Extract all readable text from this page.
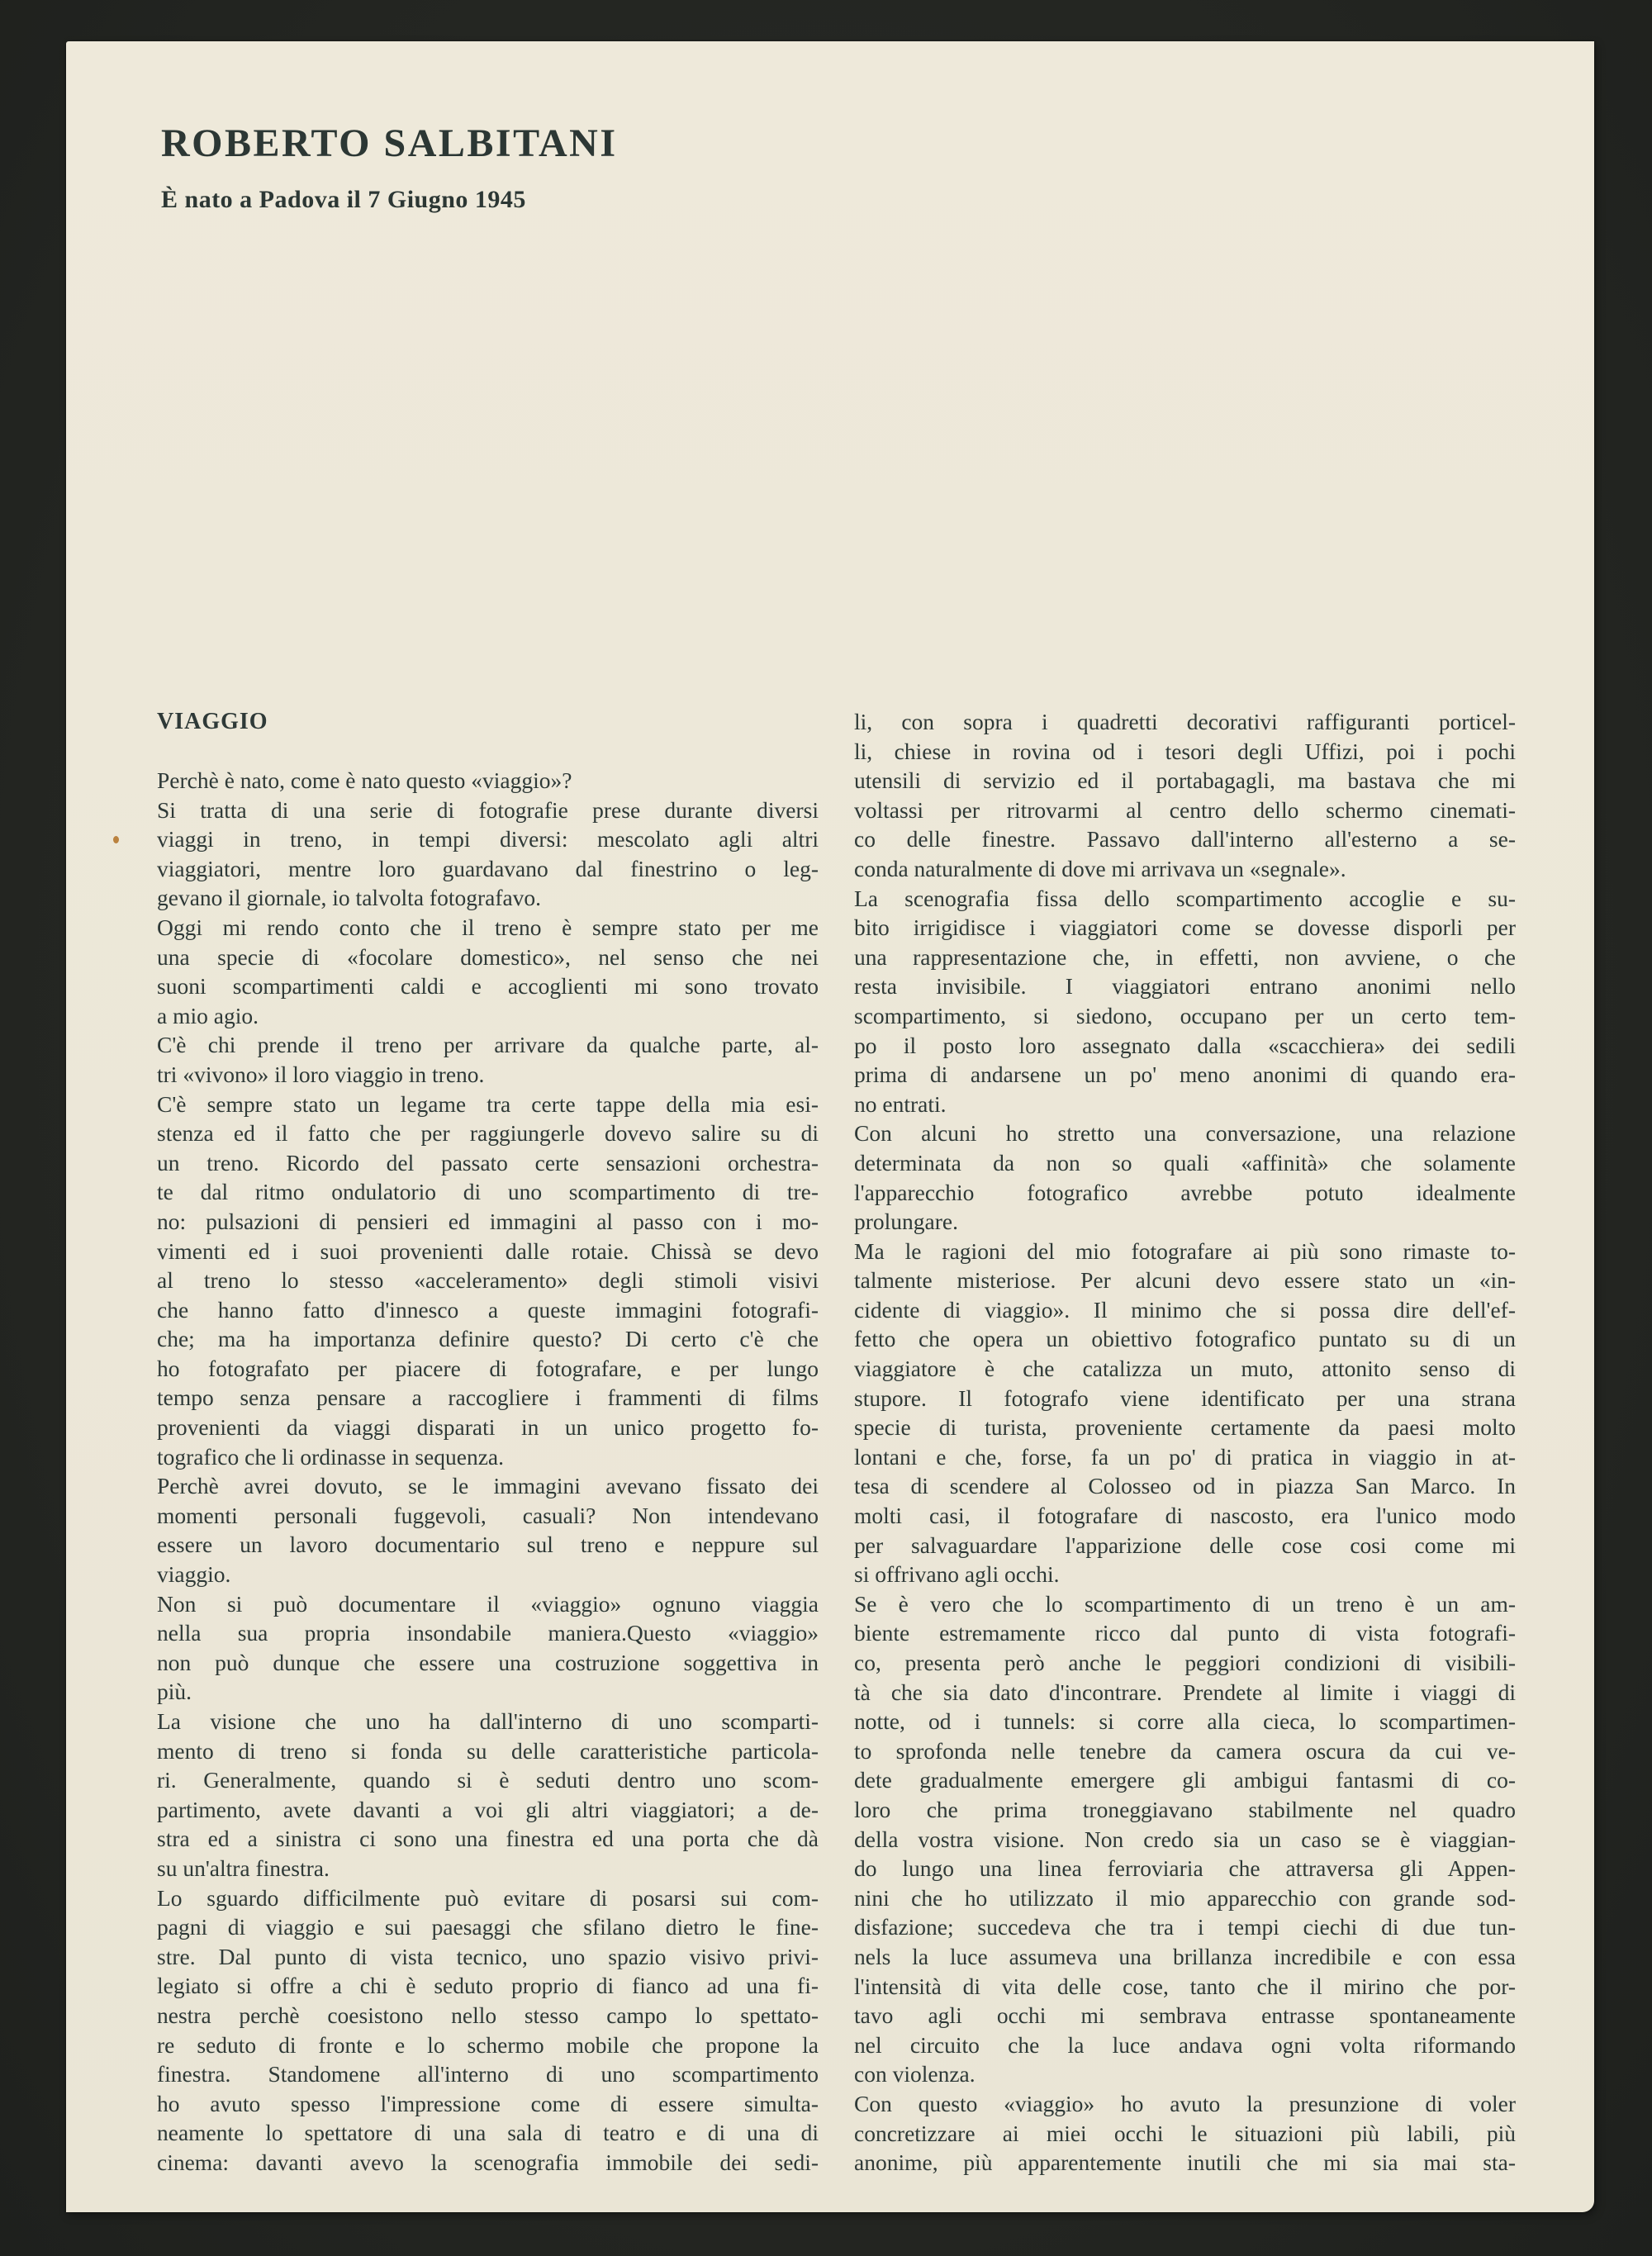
ROBERTO SALBITANI
È nato a Padova il 7 Giugno 1945
VIAGGIO
Perchè è nato, come è nato questo «viaggio»?
Si tratta di una serie di fotografie prese durante diversi
viaggi in treno, in tempi diversi: mescolato agli altri
viaggiatori, mentre loro guardavano dal finestrino o leg-
gevano il giornale, io talvolta fotografavo.
Oggi mi rendo conto che il treno è sempre stato per me
una specie di «focolare domestico», nel senso che nei
suoni scompartimenti caldi e accoglienti mi sono trovato
a mio agio.
C'è chi prende il treno per arrivare da qualche parte, al-
tri «vivono» il loro viaggio in treno.
C'è sempre stato un legame tra certe tappe della mia esi-
stenza ed il fatto che per raggiungerle dovevo salire su di
un treno. Ricordo del passato certe sensazioni orchestra-
te dal ritmo ondulatorio di uno scompartimento di tre-
no: pulsazioni di pensieri ed immagini al passo con i mo-
vimenti ed i suoi provenienti dalle rotaie. Chissà se devo
al treno lo stesso «acceleramento» degli stimoli visivi
che hanno fatto d'innesco a queste immagini fotografi-
che; ma ha importanza definire questo? Di certo c'è che
ho fotografato per piacere di fotografare, e per lungo
tempo senza pensare a raccogliere i frammenti di films
provenienti da viaggi disparati in un unico progetto fo-
tografico che li ordinasse in sequenza.
Perchè avrei dovuto, se le immagini avevano fissato dei
momenti personali fuggevoli, casuali? Non intendevano
essere un lavoro documentario sul treno e neppure sul
viaggio.
Non si può documentare il «viaggio» ognuno viaggia
nella sua propria insondabile maniera.Questo «viaggio»
non può dunque che essere una costruzione soggettiva in
più.
La visione che uno ha dall'interno di uno scomparti-
mento di treno si fonda su delle caratteristiche particola-
ri. Generalmente, quando si è seduti dentro uno scom-
partimento, avete davanti a voi gli altri viaggiatori; a de-
stra ed a sinistra ci sono una finestra ed una porta che dà
su un'altra finestra.
Lo sguardo difficilmente può evitare di posarsi sui com-
pagni di viaggio e sui paesaggi che sfilano dietro le fine-
stre. Dal punto di vista tecnico, uno spazio visivo privi-
legiato si offre a chi è seduto proprio di fianco ad una fi-
nestra perchè coesistono nello stesso campo lo spettato-
re seduto di fronte e lo schermo mobile che propone la
finestra. Standomene all'interno di uno scompartimento
ho avuto spesso l'impressione come di essere simulta-
neamente lo spettatore di una sala di teatro e di una di
cinema: davanti avevo la scenografia immobile dei sedi-
li, con sopra i quadretti decorativi raffiguranti porticel-
li, chiese in rovina od i tesori degli Uffizi, poi i pochi
utensili di servizio ed il portabagagli, ma bastava che mi
voltassi per ritrovarmi al centro dello schermo cinemati-
co delle finestre. Passavo dall'interno all'esterno a se-
conda naturalmente di dove mi arrivava un «segnale».
La scenografia fissa dello scompartimento accoglie e su-
bito irrigidisce i viaggiatori come se dovesse disporli per
una rappresentazione che, in effetti, non avviene, o che
resta invisibile. I viaggiatori entrano anonimi nello
scompartimento, si siedono, occupano per un certo tem-
po il posto loro assegnato dalla «scacchiera» dei sedili
prima di andarsene un po' meno anonimi di quando era-
no entrati.
Con alcuni ho stretto una conversazione, una relazione
determinata da non so quali «affinità» che solamente
l'apparecchio fotografico avrebbe potuto idealmente
prolungare.
Ma le ragioni del mio fotografare ai più sono rimaste to-
talmente misteriose. Per alcuni devo essere stato un «in-
cidente di viaggio». Il minimo che si possa dire dell'ef-
fetto che opera un obiettivo fotografico puntato su di un
viaggiatore è che catalizza un muto, attonito senso di
stupore. Il fotografo viene identificato per una strana
specie di turista, proveniente certamente da paesi molto
lontani e che, forse, fa un po' di pratica in viaggio in at-
tesa di scendere al Colosseo od in piazza San Marco. In
molti casi, il fotografare di nascosto, era l'unico modo
per salvaguardare l'apparizione delle cose cosi come mi
si offrivano agli occhi.
Se è vero che lo scompartimento di un treno è un am-
biente estremamente ricco dal punto di vista fotografi-
co, presenta però anche le peggiori condizioni di visibili-
tà che sia dato d'incontrare. Prendete al limite i viaggi di
notte, od i tunnels: si corre alla cieca, lo scompartimen-
to sprofonda nelle tenebre da camera oscura da cui ve-
dete gradualmente emergere gli ambigui fantasmi di co-
loro che prima troneggiavano stabilmente nel quadro
della vostra visione. Non credo sia un caso se è viaggian-
do lungo una linea ferroviaria che attraversa gli Appen-
nini che ho utilizzato il mio apparecchio con grande sod-
disfazione; succedeva che tra i tempi ciechi di due tun-
nels la luce assumeva una brillanza incredibile e con essa
l'intensità di vita delle cose, tanto che il mirino che por-
tavo agli occhi mi sembrava entrasse spontaneamente
nel circuito che la luce andava ogni volta riformando
con violenza.
Con questo «viaggio» ho avuto la presunzione di voler
concretizzare ai miei occhi le situazioni più labili, più
anonime, più apparentemente inutili che mi sia mai sta-
